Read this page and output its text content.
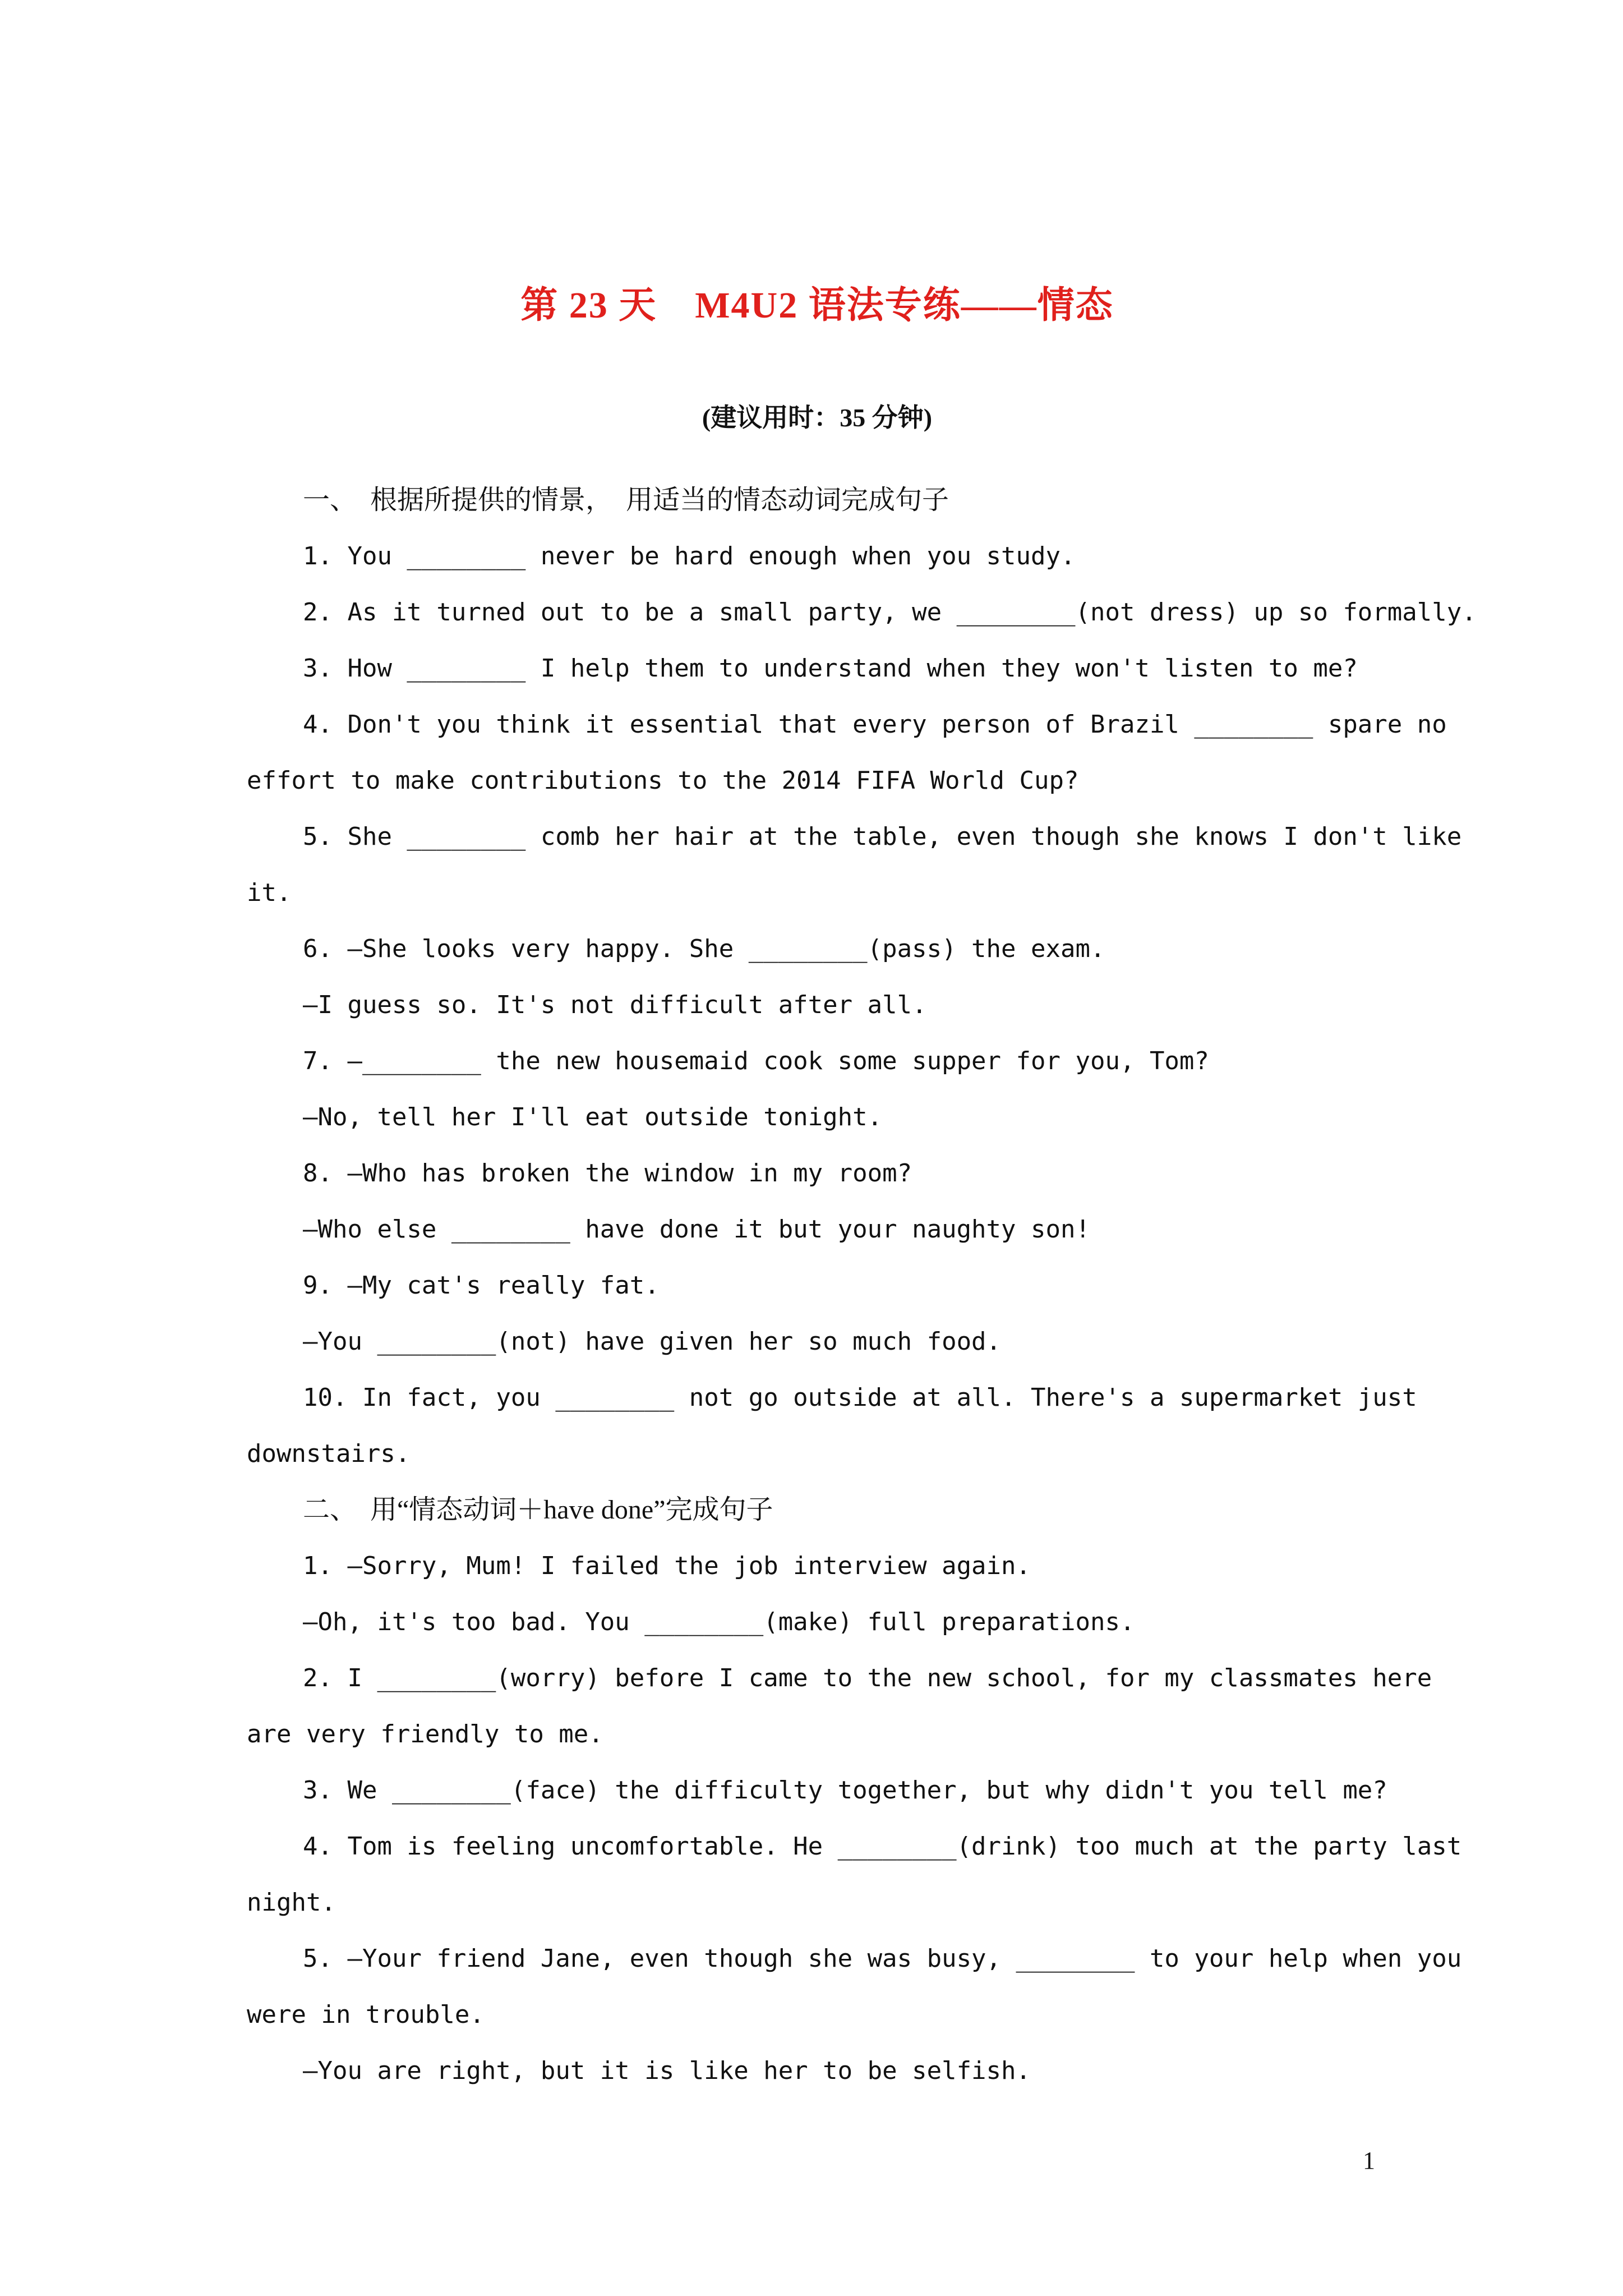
第 23 天　M4U2 语法专练——情态
(建议用时：35 分钟)

一、　根据所提供的情景，　用适当的情态动词完成句子

1. You ________ never be hard enough when you study.

2. As it turned out to be a small party, we ________(not dress) up so formally.

3. How ________ I help them to understand when they won't listen to me?

4. Don't you think it essential that every person of Brazil ________ spare no

effort to make contributions to the 2014 FIFA World Cup?

5. She ________ comb her hair at the table, even though she knows I don't like

it.

6. —She looks very happy. She ________(pass) the exam.

—I guess so. It's not difficult after all.

7. —________ the new housemaid cook some supper for you, Tom?

—No, tell her I'll eat outside tonight.

8. —Who has broken the window in my room?

—Who else ________ have done it but your naughty son!

9. —My cat's really fat.

—You ________(not) have given her so much food.

10. In fact, you ________ not go outside at all. There's a supermarket just

downstairs.

二、　用“情态动词＋have done”完成句子

1. —Sorry, Mum! I failed the job interview again.

—Oh, it's too bad. You ________(make) full preparations.

2. I ________(worry) before I came to the new school, for my classmates here

are very friendly to me.

3. We ________(face) the difficulty together, but why didn't you tell me?

4. Tom is feeling uncomfortable. He ________(drink) too much at the party last

night.

5. —Your friend Jane, even though she was busy, ________ to your help when you

were in trouble.

—You are right, but it is like her to be selfish.

1
